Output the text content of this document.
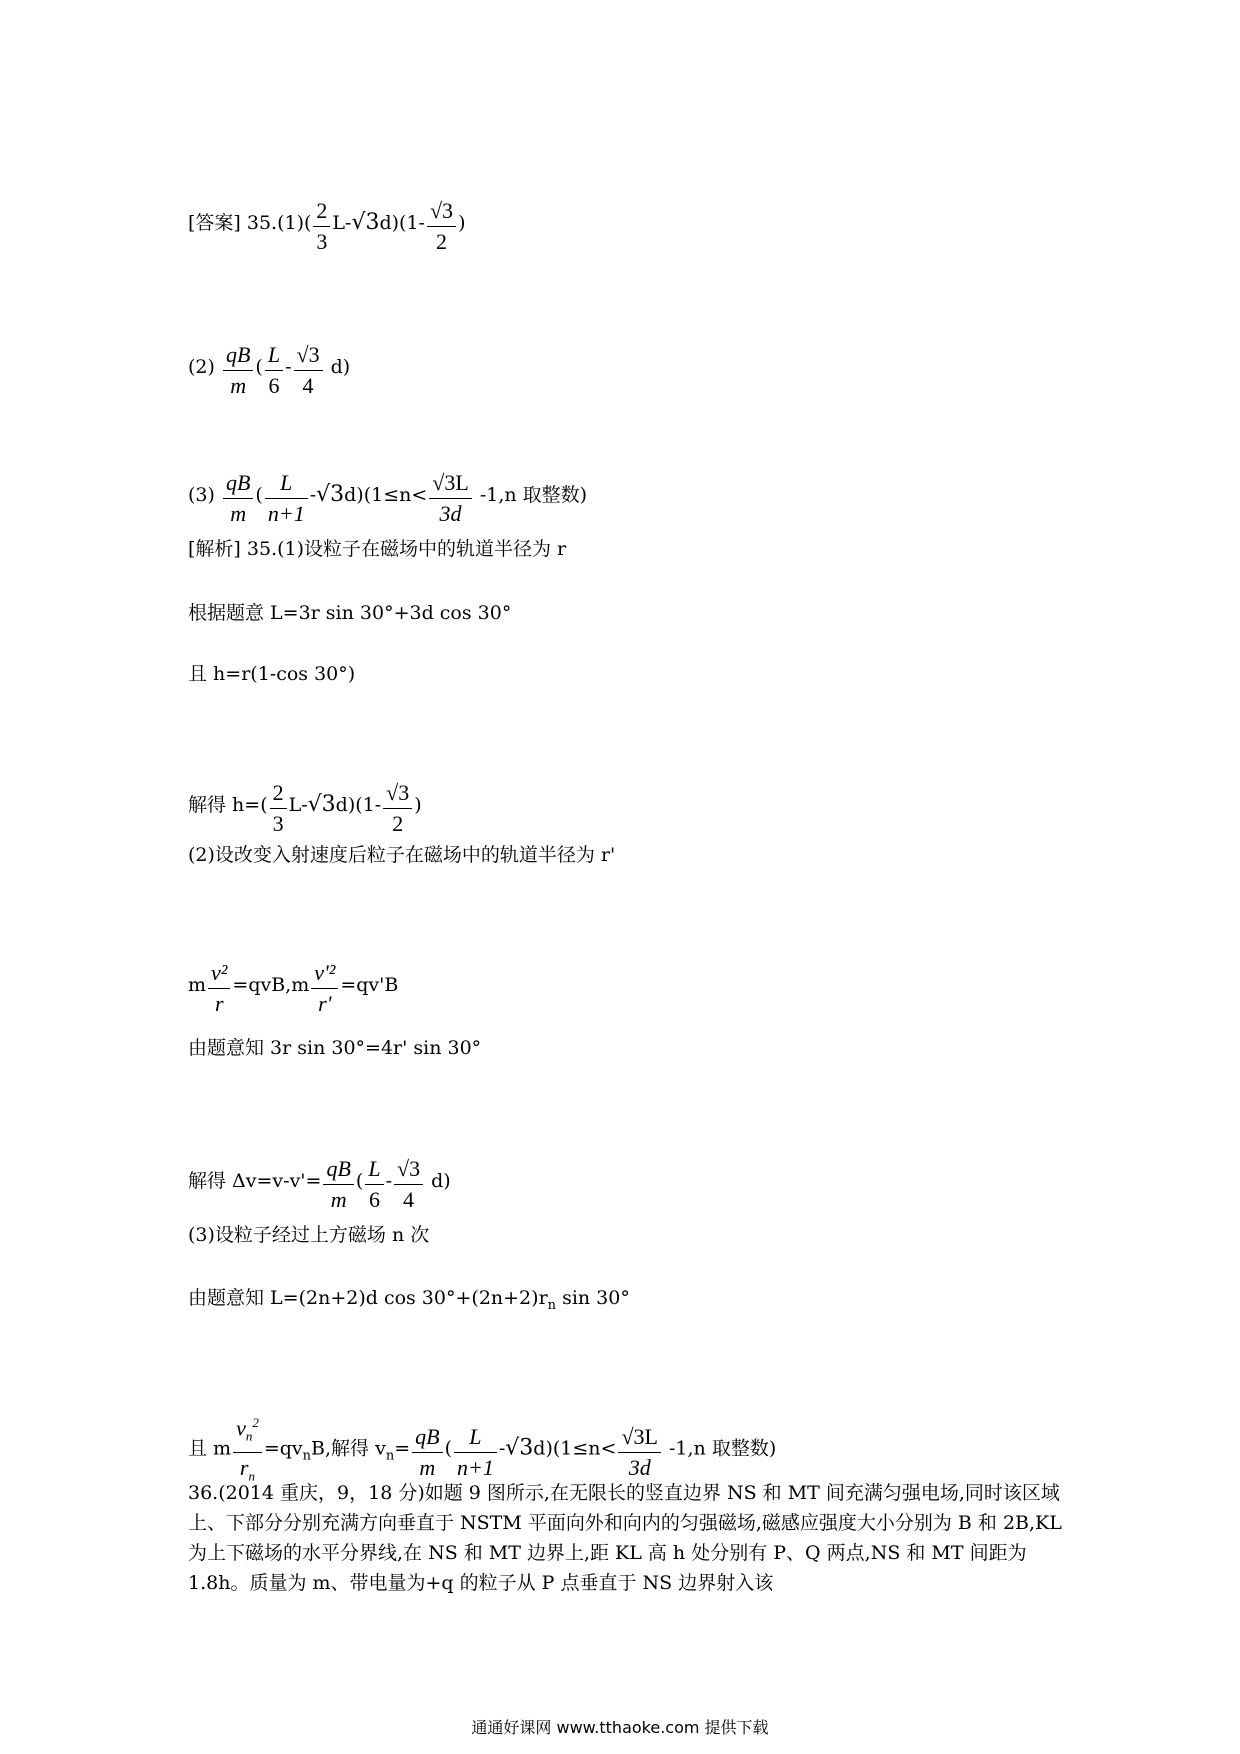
[答案] $35.(1)( \frac{2}{3} L-√3d)(1- \frac{√3}{2}$ )
$(2) \frac{qB}{m}$ ( $\frac{L}{6} - \frac{√3}{4} d$)
$(3) \frac{qB}{m}$ ( $\frac{L}{n+1} -√3d)(1\le n< \frac{√3L}{3d} -1,n$ 取整数)
[解析] 35.(1)设粒子在磁场中的轨道半径为 r
根据题意 L=3r sin 30°+3d cos 30°
且 h=r(1-cos 30°)
解得 $h=( \frac{2}{3} L-√3d)(1- \frac{√3}{2}$ )
(2)设改变入射速度后粒子在磁场中的轨道半径为 r'
m $\frac{\text{v²}}{r} =qvB,m \frac{\text{v'²}}{r'} =qv'B$
由题意知 3r sin 30°=4r' sin 30°
解得 $\Delta v=v-v'= \frac{qB}{m}$ ( $\frac{L}{6} - \frac{√3}{4} d$)
(3)设粒子经过上方磁场 n 次
由题意知 L=(2n+2)d $\cos 30^\circ+(2n+2)r_n$ sin 30°
且 m $\frac{v_n^2}{r_n} =qv_nB$,解得 $v_n= \frac{qB}{m}$ ( $\frac{L}{n+1} -√3d)(1\le n< \frac{√3L}{3d} -1,n$ 取整数)
36.(2014 重庆，9，18 分)如题 9 图所示,在无限长的竖直边界 NS 和 MT 间充满匀强电场,同时该区域上、下部分分别充满方向垂直于 NSTM 平面向外和向内的匀强磁场,磁感应强度大小分别为 B 和 2B,KL 为上下磁场的水平分界线,在 NS 和 MT 边界上,距 KL 高 h 处分别有 P、Q 两点,NS 和 MT 间距为 1.8h。质量为 m、带电量为+q 的粒子从 P 点垂直于 NS 边界射入该
通通好课网 www.tthaoke.com 提供下载
